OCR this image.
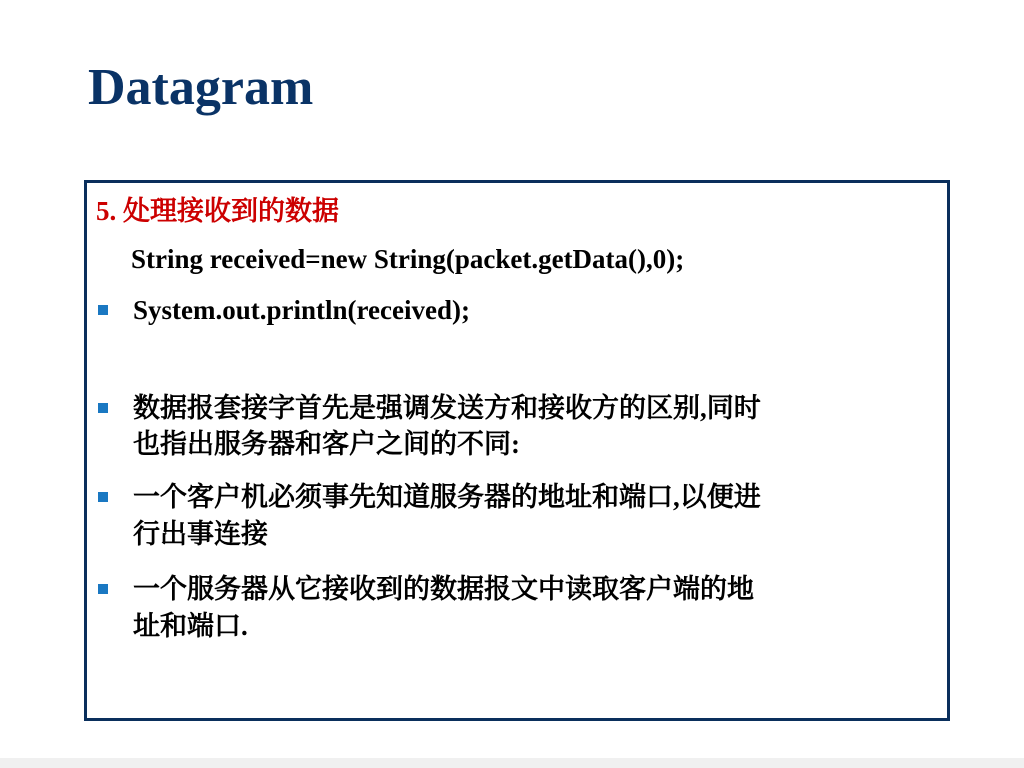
Datagram
5. 处理接收到的数据
String received=new String(packet.getData(),0);
System.out.println(received);
数据报套接字首先是强调发送方和接收方的区别,同时
也指出服务器和客户之间的不同:
一个客户机必须事先知道服务器的地址和端口,以便进
行出事连接
一个服务器从它接收到的数据报文中读取客户端的地
址和端口.
